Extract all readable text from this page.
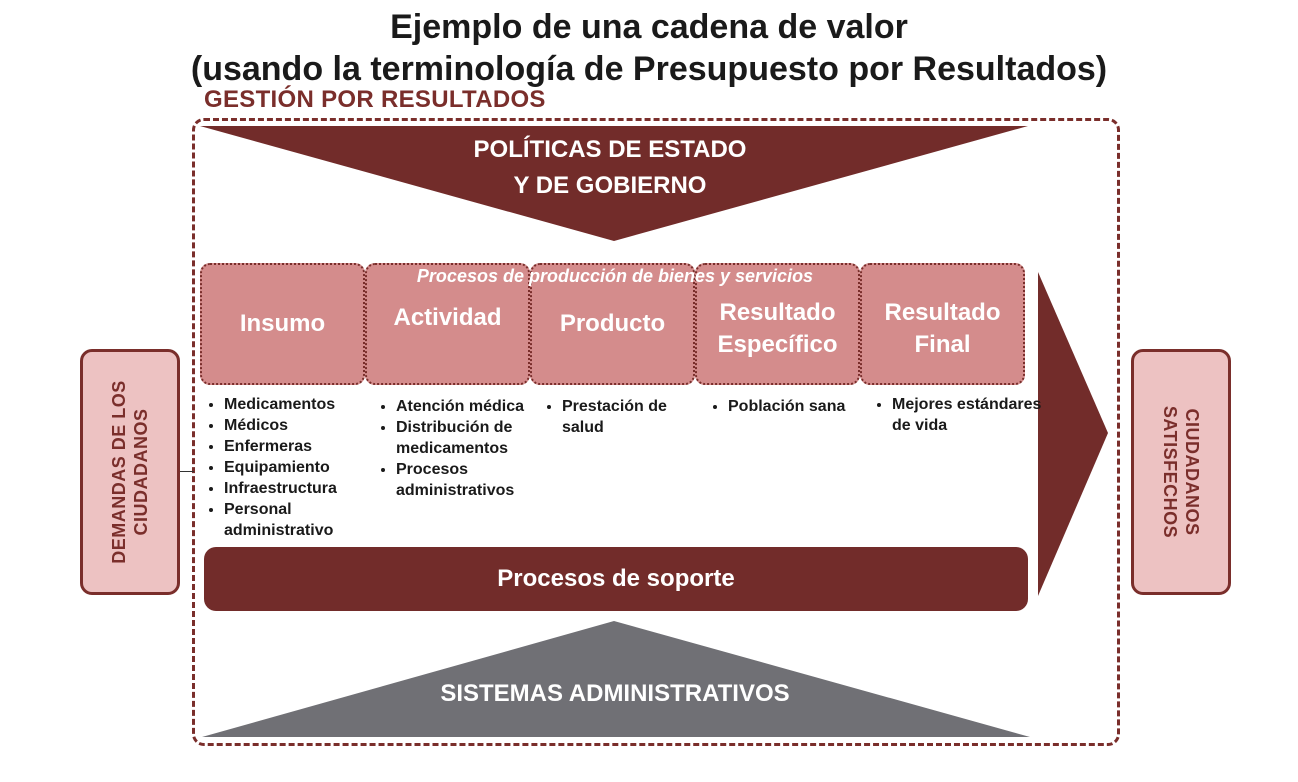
Ejemplo de una cadena de valor
(usando la terminología de Presupuesto por Resultados)
GESTIÓN POR RESULTADOS
POLÍTICAS DE ESTADO
Y DE GOBIERNO
SISTEMAS ADMINISTRATIVOS
DEMANDAS DE LOS CIUDADANOS	CIUDADANOS SATISFECHOS
Insumo	Actividad Producto Resultado
Específico
Resultado
Final
Procesos de producción de bienes y servicios
• Medicamentos
• Médicos
• Enfermeras
• Equipamiento
• Infraestructura
• Personal administrativo
• Atención médica
• Distribución de medicamentos
• Procesos administrativos
• Prestación de salud
• Población sana
•	Mejores estándares de vida
Procesos de soporte
